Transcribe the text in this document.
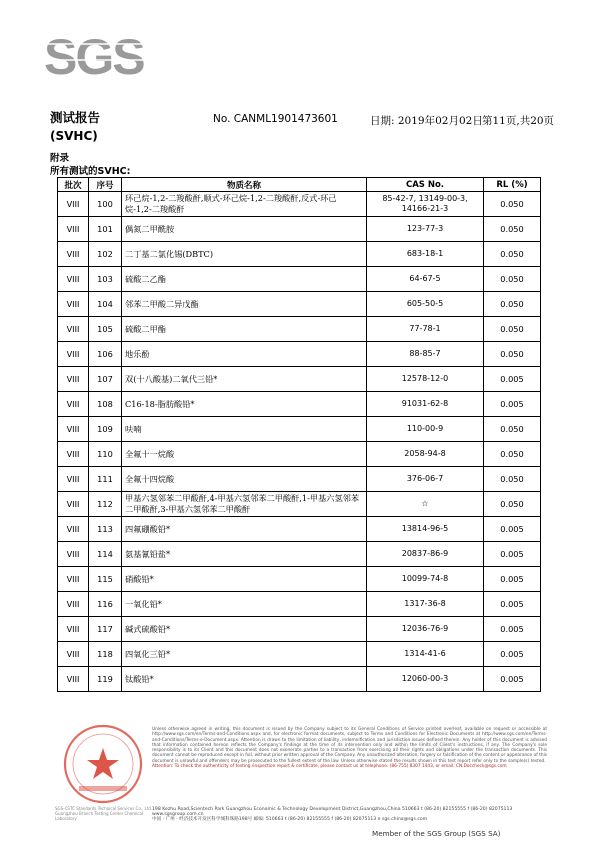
SGS
测试报告
(SVHC)
No. CANML1901473601	日期: 2019年02月02日 第11页,共20页
附录
所有测试的SVHC:
批次	序号	物质名称	CAS No.	RL (%)
VIII	100	环己烷-1,2-二羧酸酐,顺式-环己烷-1,2-二羧酸酐,反式-环己烷-1,2-二羧酸酐	85-42-7, 13149-00-3, 14166-21-3	0.050
VIII	101	偶氮二甲酰胺	123-77-3	0.050
VIII	102	二丁基二氯化锡(DBTC)	683-18-1	0.050
VIII	103	硫酸二乙酯	64-67-5	0.050
VIII	104	邻苯二甲酸二异戊酯	605-50-5	0.050
VIII	105	硫酸二甲酯	77-78-1	0.050
VIII	106	地乐酚	88-85-7	0.050
VIII	107	双(十八酸基)二氧代三铅*	12578-12-0	0.005
VIII	108	C16-18-脂肪酸铅*	91031-62-8	0.005
VIII	109	呋喃	110-00-9	0.050
VIII	110	全氟十一烷酸	2058-94-8	0.050
VIII	111	全氟十四烷酸	376-06-7	0.050
VIII	112	甲基六氢邻苯二甲酸酐,4-甲基六氢邻苯二甲酸酐,1-甲基六氢邻苯二甲酸酐,3-甲基六氢邻苯二甲酸酐	☆	0.050
VIII	113	四氟硼酸铅*	13814-96-5	0.005
VIII	114	氨基氰铅盐*	20837-86-9	0.005
VIII	115	硝酸铅*	10099-74-8	0.005
VIII	116	一氧化铅*	1317-36-8	0.005
VIII	117	碱式硫酸铅*	12036-76-9	0.005
VIII	118	四氧化三铅*	1314-41-6	0.005
VIII	119	钛酸铅*	12060-00-3	0.005
SGS-CSTC Standards Technical Services Co., Ltd. Guangzhou Branch Testing Center Chemical Laboratory
Unless otherwise agreed in writing, this document is issued by the Company subject to its General Conditions of Service printed overleaf, available on request or accessible at http://www.sgs.com/en/Terms-and-Conditions.aspx and, for electronic format documents, subject to Terms and Conditions for Electronic Documents at http://www.sgs.com/en/Terms-and-Conditions/Terms-e-Document.aspx. Attention is drawn to the limitation of liability, indemnification and jurisdiction issues defined therein. Any holder of this document is advised that information contained hereon reflects the Company's findings at the time of its intervention only and within the limits of Client's instructions, if any. The Company's sole responsibility is to its Client and this document does not exonerate parties to a transaction from exercising all their rights and obligations under the transaction documents. This document cannot be reproduced except in full, without prior written approval of the Company. Any unauthorized alteration, forgery or falsification of the content or appearance of this document is unlawful and offenders may be prosecuted to the fullest extent of the law. Unless otherwise stated the results shown in this test report refer only to the sample(s) tested.
Attention: To check the authenticity of testing /inspection report & certificate, please contact us at telephone: (86-755) 8307 1443, or email: CN.Doccheck@sgs.com
198 Kezhu Road,Scientech Park Guangzhou Economic & Technology Development District,Guangzhou,China 510663 t (86-20) 82155555 f (86-20) 82075113 www.sgsgroup.com.cn
中国 · 广州 · 经济技术开发区科学城科珠路198号 邮编: 510663 t (86-20) 82155555 f (86-20) 82075113 e sgs.china@sgs.com
Member of the SGS Group (SGS SA)
